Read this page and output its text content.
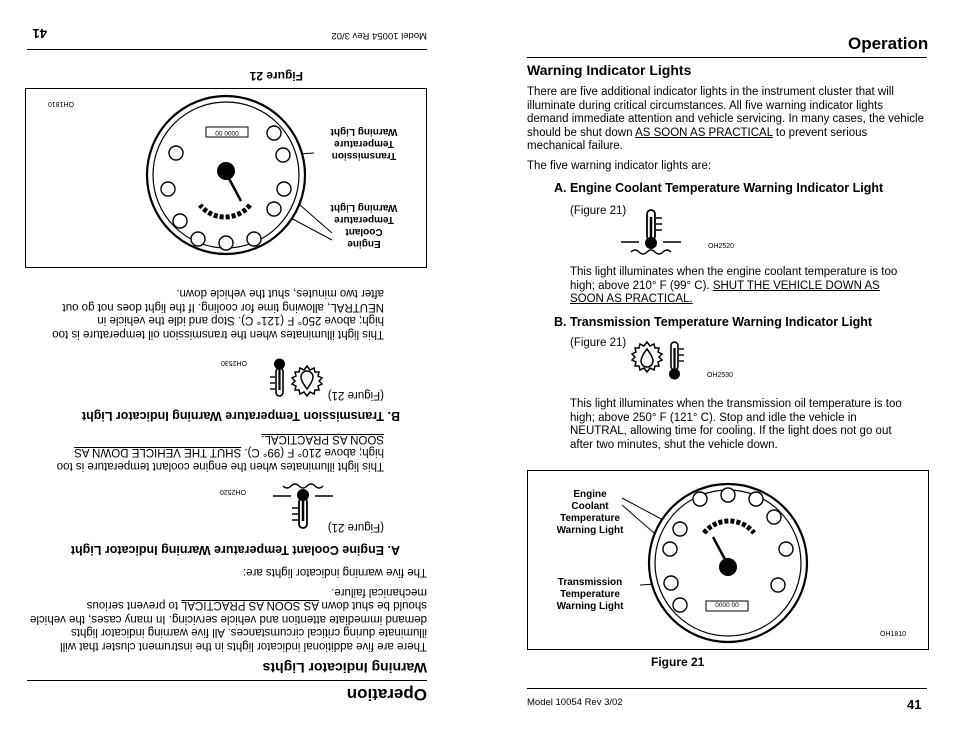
Operation
Warning Indicator Lights
There are five additional indicator lights in the instrument cluster that will illuminate during critical circumstances. All five warning indicator lights demand immediate attention and vehicle servicing. In many cases, the vehicle should be shut down AS SOON AS PRACTICAL to prevent serious mechanical failure.
The five warning indicator lights are:
A. Engine Coolant Temperature Warning Indicator Light
(Figure 21)
OH2520
This light illuminates when the engine coolant temperature is too high; above 210° F (99° C). SHUT THE VEHICLE DOWN AS SOON AS PRACTICAL.
B. Transmission Temperature Warning Indicator Light
(Figure 21)
OH2530
This light illuminates when the transmission oil temperature is too high; above 250° F (121° C). Stop and idle the vehicle in NEUTRAL, allowing time for cooling. If the light does not go out after two minutes, shut the vehicle down.
Engine
Coolant
Temperature
Warning Light
Transmission
Temperature
Warning Light
0000 00
OH1810
Figure 21
Model 10054 Rev 3/02
41
Operation
Warning Indicator Lights
There are five additional indicator lights in the instrument cluster that will illuminate during critical circumstances. All five warning indicator lights demand immediate attention and vehicle servicing. In many cases, the vehicle should be shut down AS SOON AS PRACTICAL to prevent serious mechanical failure.
The five warning indicator lights are:
A. Engine Coolant Temperature Warning Indicator Light
(Figure 21)
OH2520
This light illuminates when the engine coolant temperature is too high; above 210° F (99° C). SHUT THE VEHICLE DOWN AS SOON AS PRACTICAL.
B. Transmission Temperature Warning Indicator Light
(Figure 21)
OH2530
This light illuminates when the transmission oil temperature is too high; above 250° F (121° C). Stop and idle the vehicle in NEUTRAL, allowing time for cooling. If the light does not go out after two minutes, shut the vehicle down.
Engine
Coolant
Temperature
Warning Light
Transmission
Temperature
Warning Light	0000 00
OH1810
Figure 21
Model 10054 Rev 3/02	41
